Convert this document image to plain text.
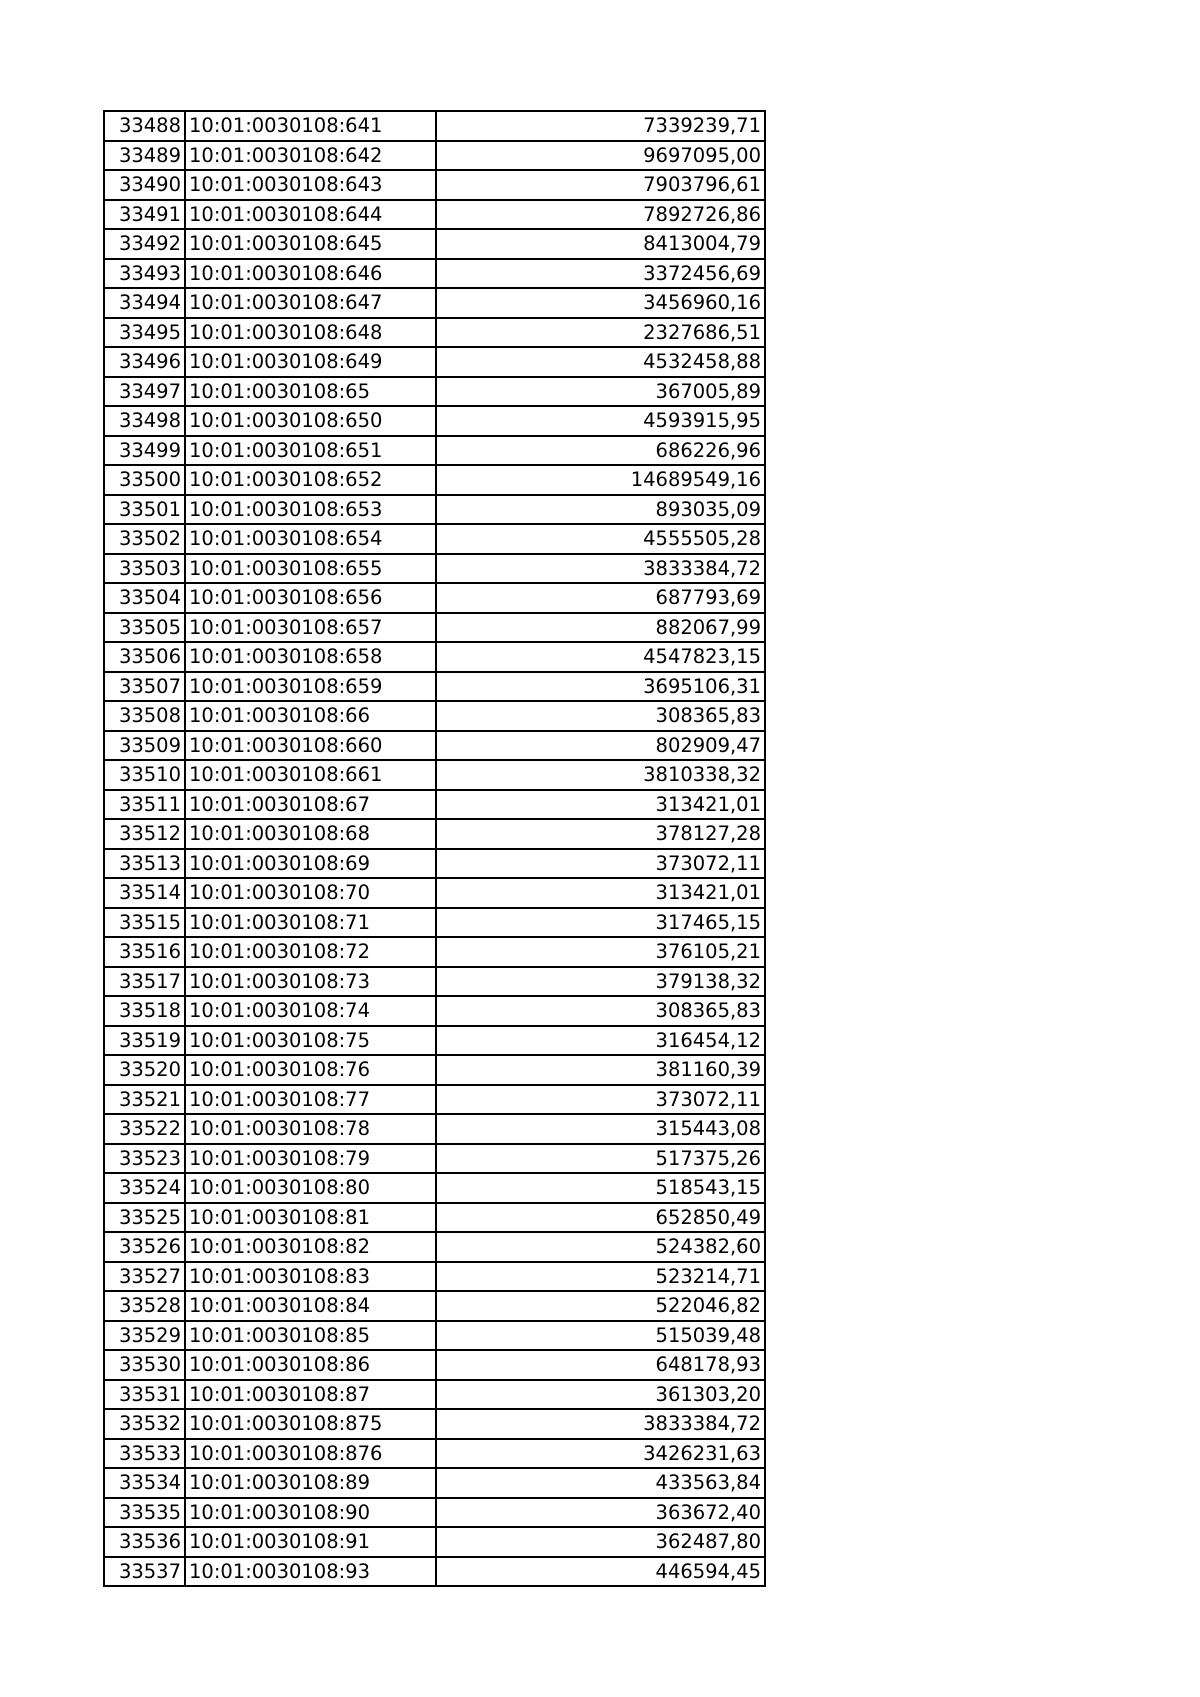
33488	10:01:0030108:641	7339239,71
33489	10:01:0030108:642	9697095,00
33490	10:01:0030108:643	7903796,61
33491	10:01:0030108:644	7892726,86
33492	10:01:0030108:645	8413004,79
33493	10:01:0030108:646	3372456,69
33494	10:01:0030108:647	3456960,16
33495	10:01:0030108:648	2327686,51
33496	10:01:0030108:649	4532458,88
33497	10:01:0030108:65	367005,89
33498	10:01:0030108:650	4593915,95
33499	10:01:0030108:651	686226,96
33500	10:01:0030108:652	14689549,16
33501	10:01:0030108:653	893035,09
33502	10:01:0030108:654	4555505,28
33503	10:01:0030108:655	3833384,72
33504	10:01:0030108:656	687793,69
33505	10:01:0030108:657	882067,99
33506	10:01:0030108:658	4547823,15
33507	10:01:0030108:659	3695106,31
33508	10:01:0030108:66	308365,83
33509	10:01:0030108:660	802909,47
33510	10:01:0030108:661	3810338,32
33511	10:01:0030108:67	313421,01
33512	10:01:0030108:68	378127,28
33513	10:01:0030108:69	373072,11
33514	10:01:0030108:70	313421,01
33515	10:01:0030108:71	317465,15
33516	10:01:0030108:72	376105,21
33517	10:01:0030108:73	379138,32
33518	10:01:0030108:74	308365,83
33519	10:01:0030108:75	316454,12
33520	10:01:0030108:76	381160,39
33521	10:01:0030108:77	373072,11
33522	10:01:0030108:78	315443,08
33523	10:01:0030108:79	517375,26
33524	10:01:0030108:80	518543,15
33525	10:01:0030108:81	652850,49
33526	10:01:0030108:82	524382,60
33527	10:01:0030108:83	523214,71
33528	10:01:0030108:84	522046,82
33529	10:01:0030108:85	515039,48
33530	10:01:0030108:86	648178,93
33531	10:01:0030108:87	361303,20
33532	10:01:0030108:875	3833384,72
33533	10:01:0030108:876	3426231,63
33534	10:01:0030108:89	433563,84
33535	10:01:0030108:90	363672,40
33536	10:01:0030108:91	362487,80
33537	10:01:0030108:93	446594,45
